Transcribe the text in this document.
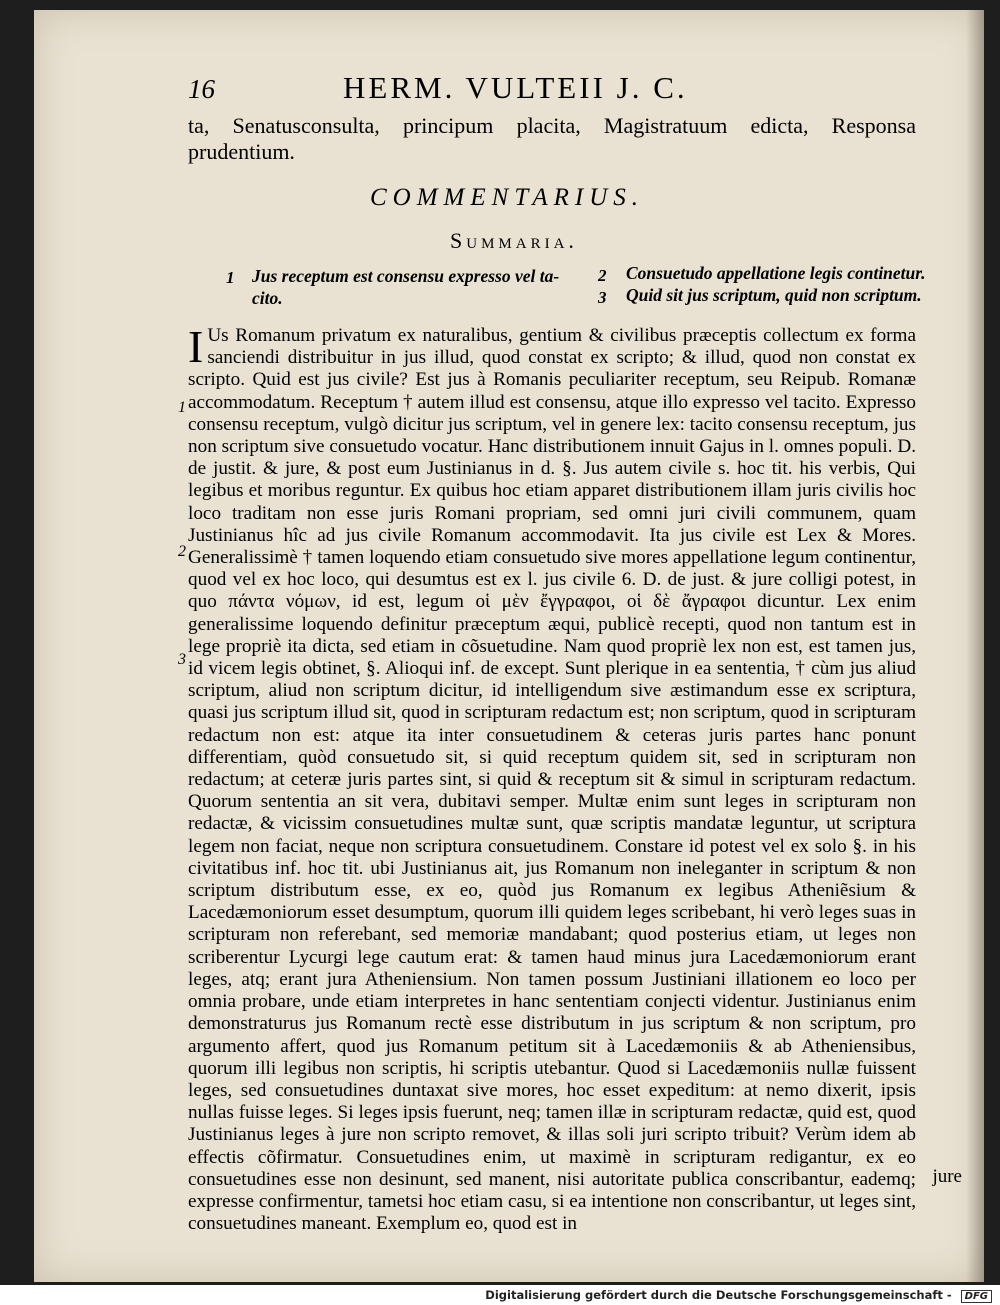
16	HERM. VULTEII J. C.

ta, Senatusconsulta, principum placita, Magistratuum edicta, Responsa prudentium.

COMMENTARIUS.
Summaria.
1 Jus receptum est consensu expresso vel ta-
cito.
2 Consuetudo appellatione legis continetur.
3 Quid sit jus scriptum, quid non scriptum.
1
2
3
I Us Romanum privatum ex naturalibus, gentium & civilibus præceptis collectum ex forma sanciendi distribuitur in jus illud, quod constat ex scripto; & illud, quod non constat ex scripto. Quid est jus civile? Est jus à Romanis peculiariter receptum, seu Reipub. Romanæ accommodatum. Receptum † autem illud est consensu, atque illo expresso vel tacito. Expresso consensu receptum, vulgò dicitur jus scriptum, vel in genere lex: tacito consensu receptum, jus non scriptum sive consuetudo vocatur. Hanc distributionem innuit Gajus in l. omnes populi. D. de justit. & jure, & post eum Justinianus in d. §. Jus autem civile s. hoc tit. his verbis, Qui legibus et moribus reguntur. Ex quibus hoc etiam apparet distributionem illam juris civilis hoc loco traditam non esse juris Romani propriam, sed omni juri civili communem, quam Justinianus hîc ad jus civile Romanum accommodavit. Ita jus civile est Lex & Mores. Generalissimè † tamen loquendo etiam consuetudo sive mores appellatione legum continentur, quod vel ex hoc loco, qui desumtus est ex l. jus civile 6. D. de just. & jure colligi potest, in quo πάντα νόμων, id est, legum οἱ μὲν ἔγγραφοι, οἱ δὲ ἄγραφοι dicuntur. Lex enim generalissime loquendo definitur præceptum æqui, publicè recepti, quod non tantum est in lege propriè ita dicta, sed etiam in cõsuetudine. Nam quod propriè lex non est, est tamen jus, id vicem legis obtinet, §. Alioqui inf. de except. Sunt plerique in ea sententia, † cùm jus aliud scriptum, aliud non scriptum dicitur, id intelligendum sive æstimandum esse ex scriptura, quasi jus scriptum illud sit, quod in scripturam redactum est; non scriptum, quod in scripturam redactum non est: atque ita inter consuetudinem & ceteras juris partes hanc ponunt differentiam, quòd consuetudo sit, si quid receptum quidem sit, sed in scripturam non redactum; at ceteræ juris partes sint, si quid & receptum sit & simul in scripturam redactum. Quorum sententia an sit vera, dubitavi semper. Multæ enim sunt leges in scripturam non redactæ, & vicissim consuetudines multæ sunt, quæ scriptis mandatæ leguntur, ut scriptura legem non faciat, neque non scriptura consuetudinem. Constare id potest vel ex solo §. in his civitatibus inf. hoc tit. ubi Justinianus ait, jus Romanum non ineleganter in scriptum & non scriptum distributum esse, ex eo, quòd jus Romanum ex legibus Atheniẽsium & Lacedæmoniorum esset desumptum, quorum illi quidem leges scribebant, hi verò leges suas in scripturam non referebant, sed memoriæ mandabant; quod posterius etiam, ut leges non scriberentur Lycurgi lege cautum erat: & tamen haud minus jura Lacedæmoniorum erant leges, atq; erant jura Atheniensium. Non tamen possum Justiniani illationem eo loco per omnia probare, unde etiam interpretes in hanc sententiam conjecti videntur. Justinianus enim demonstraturus jus Romanum rectè esse distributum in jus scriptum & non scriptum, pro argumento affert, quod jus Romanum petitum sit à Lacedæmoniis & ab Atheniensibus, quorum illi legibus non scriptis, hi scriptis utebantur. Quod si Lacedæmoniis nullæ fuissent leges, sed consuetudines duntaxat sive mores, hoc esset expeditum: at nemo dixerit, ipsis nullas fuisse leges. Si leges ipsis fuerunt, neq; tamen illæ in scripturam redactæ, quid est, quod Justinianus leges à jure non scripto removet, & illas soli juri scripto tribuit? Verùm idem ab effectis cõfirmatur. Consuetudines enim, ut maximè in scripturam redigantur, ex eo consuetudines esse non desinunt, sed manent, nisi autoritate publica conscribantur, eademq; expresse confirmentur, tametsi hoc etiam casu, si ea intentione non conscribantur, ut leges sint, consuetudines maneant. Exemplum eo, quod est in
jure
Digitalisierung gefördert durch die Deutsche Forschungsgemeinschaft - DFG
